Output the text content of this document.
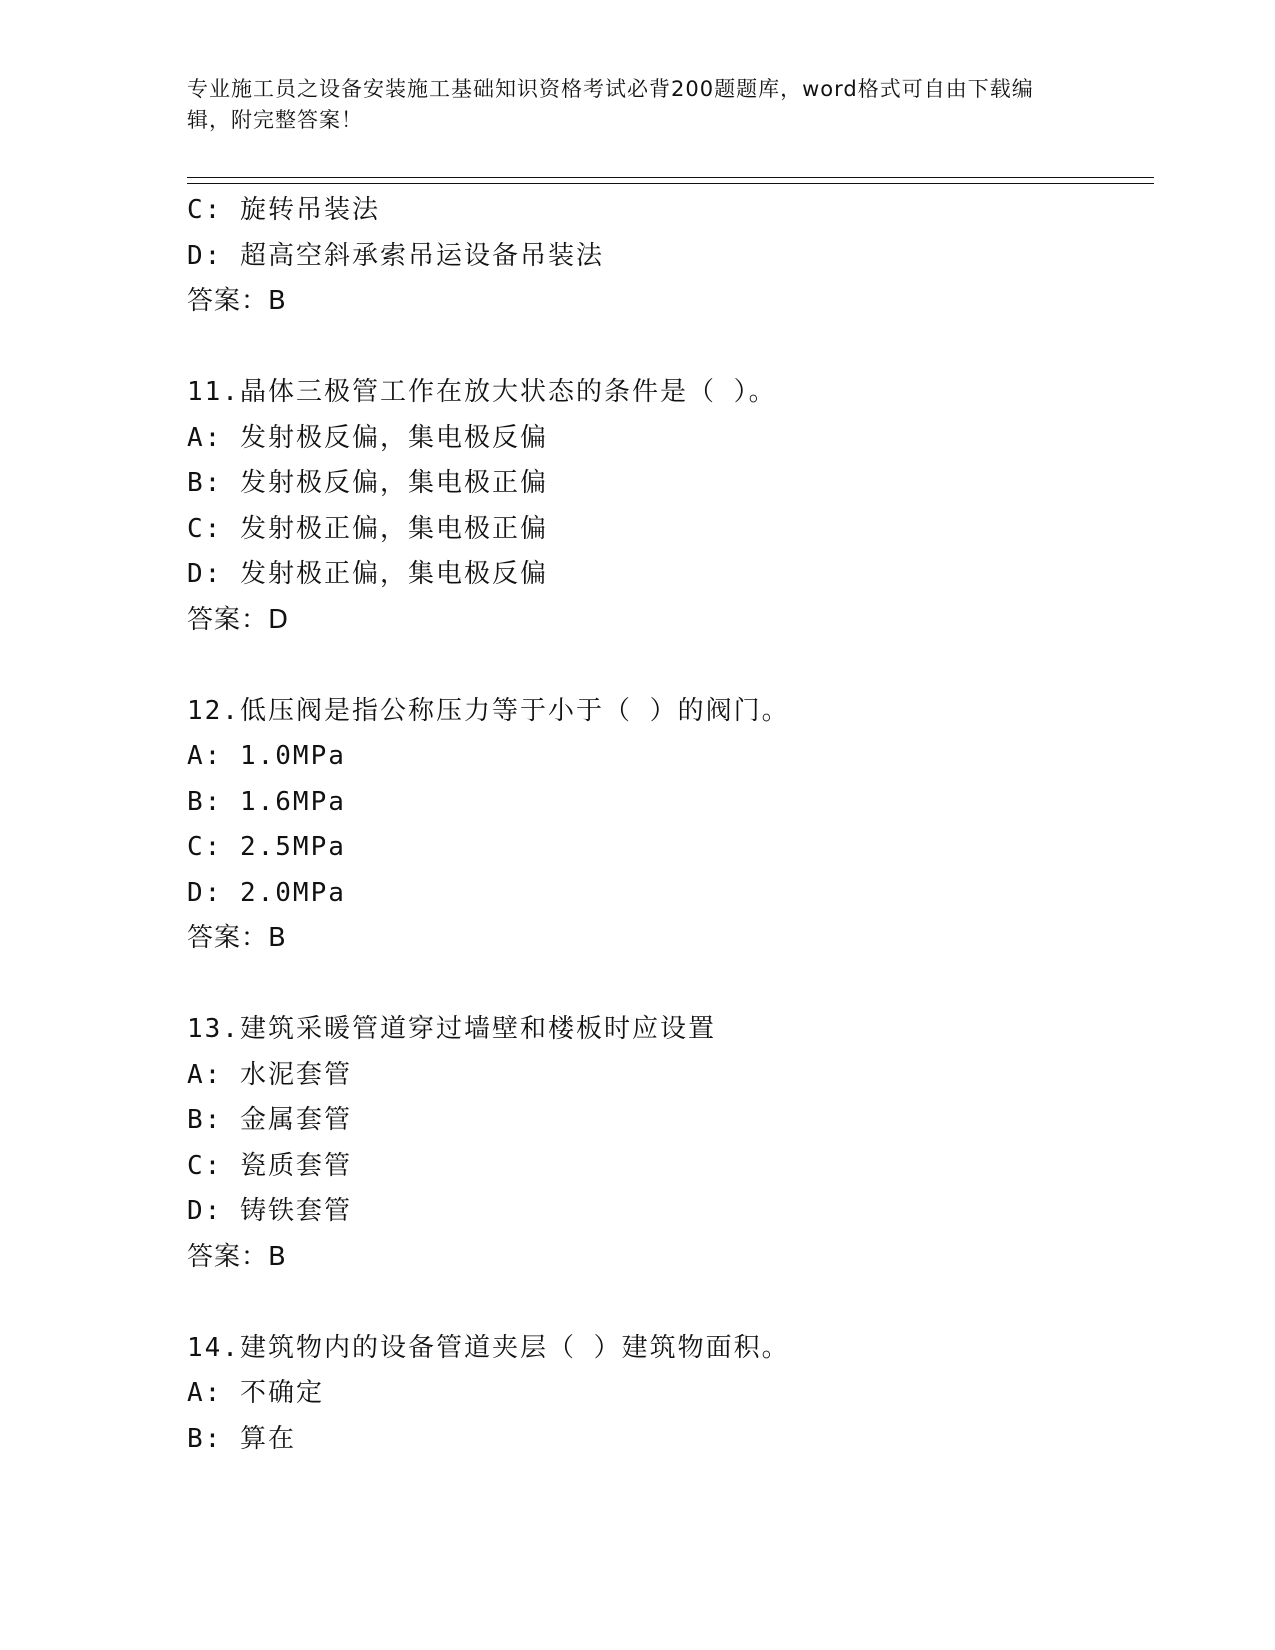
专业施工员之设备安装施工基础知识资格考试必背200题题库，word格式可自由下载编辑，附完整答案！
C: 旋转吊装法
D: 超高空斜承索吊运设备吊装法
答案：B
11.晶体三极管工作在放大状态的条件是（ ）。
A: 发射极反偏，集电极反偏
B: 发射极反偏，集电极正偏
C: 发射极正偏，集电极正偏
D: 发射极正偏，集电极反偏
答案：D
12.低压阀是指公称压力等于小于（ ）的阀门。
A: 1.0MPa
B: 1.6MPa
C: 2.5MPa
D: 2.0MPa
答案：B
13.建筑采暖管道穿过墙壁和楼板时应设置
A: 水泥套管
B: 金属套管
C: 瓷质套管
D: 铸铁套管
答案：B
14.建筑物内的设备管道夹层（ ）建筑物面积。
A: 不确定
B: 算在
